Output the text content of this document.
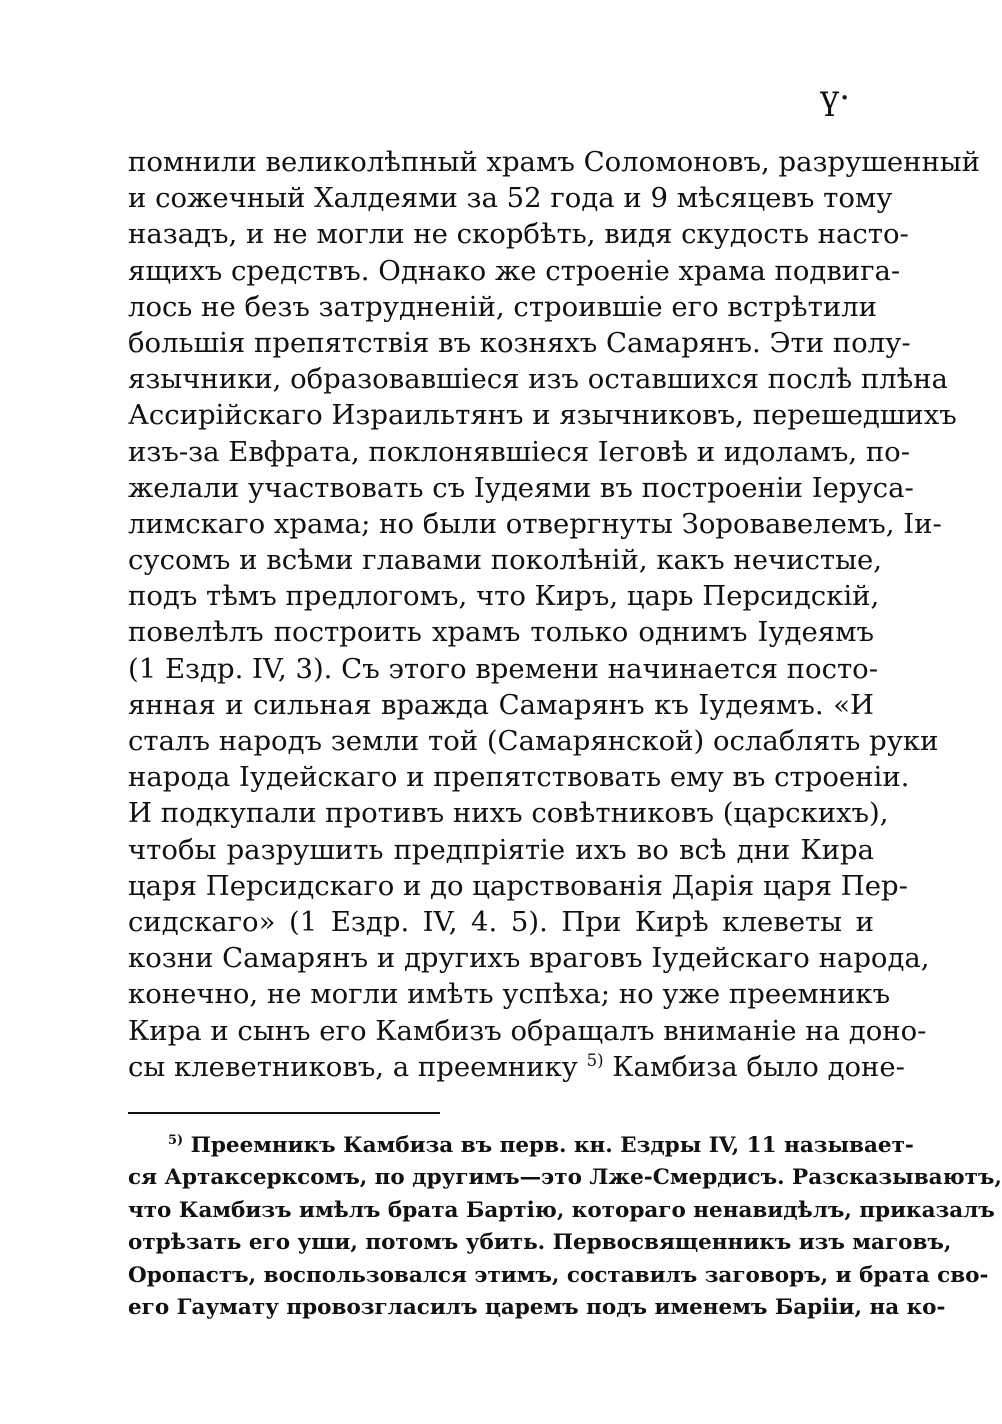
ү·
помнили великолѣпный храмъ Соломоновъ, разрушенный
и сожечный Халдеями за 52 года и 9 мѣсяцевъ тому
назадъ, и не могли не скорбѣть, видя скудость насто-
ящихъ средствъ. Однако же строеніе храма подвига-
лось не безъ затрудненій, строившіе его встрѣтили
большія препятствія въ козняхъ Самарянъ. Эти полу-
язычники, образовавшіеся изъ оставшихся послѣ плѣна
Ассирійскаго Израильтянъ и язычниковъ, перешедшихъ
изъ-за Евфрата, поклонявшіеся Іеговѣ и идоламъ, по-
желали участвовать съ Іудеями въ построеніи Іеруса-
лимскаго храма; но были отвергнуты Зоровавелемъ, Іи-
сусомъ и всѣми главами поколѣній, какъ нечистые,
подъ тѣмъ предлогомъ, что Киръ, царь Персидскій,
повелѣлъ построить храмъ только однимъ Іудеямъ
(1 Ездр. IV, 3). Съ этого времени начинается посто-
янная и сильная вражда Самарянъ къ Іудеямъ. «И
сталъ народъ земли той (Самарянской) ослаблять руки
народа Іудейскаго и препятствовать ему въ строеніи.
И подкупали противъ нихъ совѣтниковъ (царскихъ),
чтобы разрушить предпріятіе ихъ во всѣ дни Кира
царя Персидскаго и до царствованія Дарія царя Пер-
сидскаго» (1 Ездр. IV, 4. 5). При Кирѣ клеветы и
козни Самарянъ и другихъ враговъ Іудейскаго народа,
конечно, не могли имѣть успѣха; но уже преемникъ
Кира и сынъ его Камбизъ обращалъ вниманіе на доно-
сы клеветниковъ, а преемнику $^{5)}$ Камбиза было доне-
$^{5)}$ Преемникъ Камбиза въ перв. кн. Ездры IV, 11 называет-
ся Артаксерксомъ, по другимъ—это Лже-Смердисъ. Разсказываютъ,
что Камбизъ имѣлъ брата Бартію, котораго ненавидѣлъ, приказалъ
отрѣзать его уши, потомъ убить. Первосвященникъ изъ маговъ,
Оропастъ, воспользовался этимъ, составилъ заговоръ, и брата сво-
его Гаумату провозгласилъ царемъ подъ именемъ Барііи, на ко-
